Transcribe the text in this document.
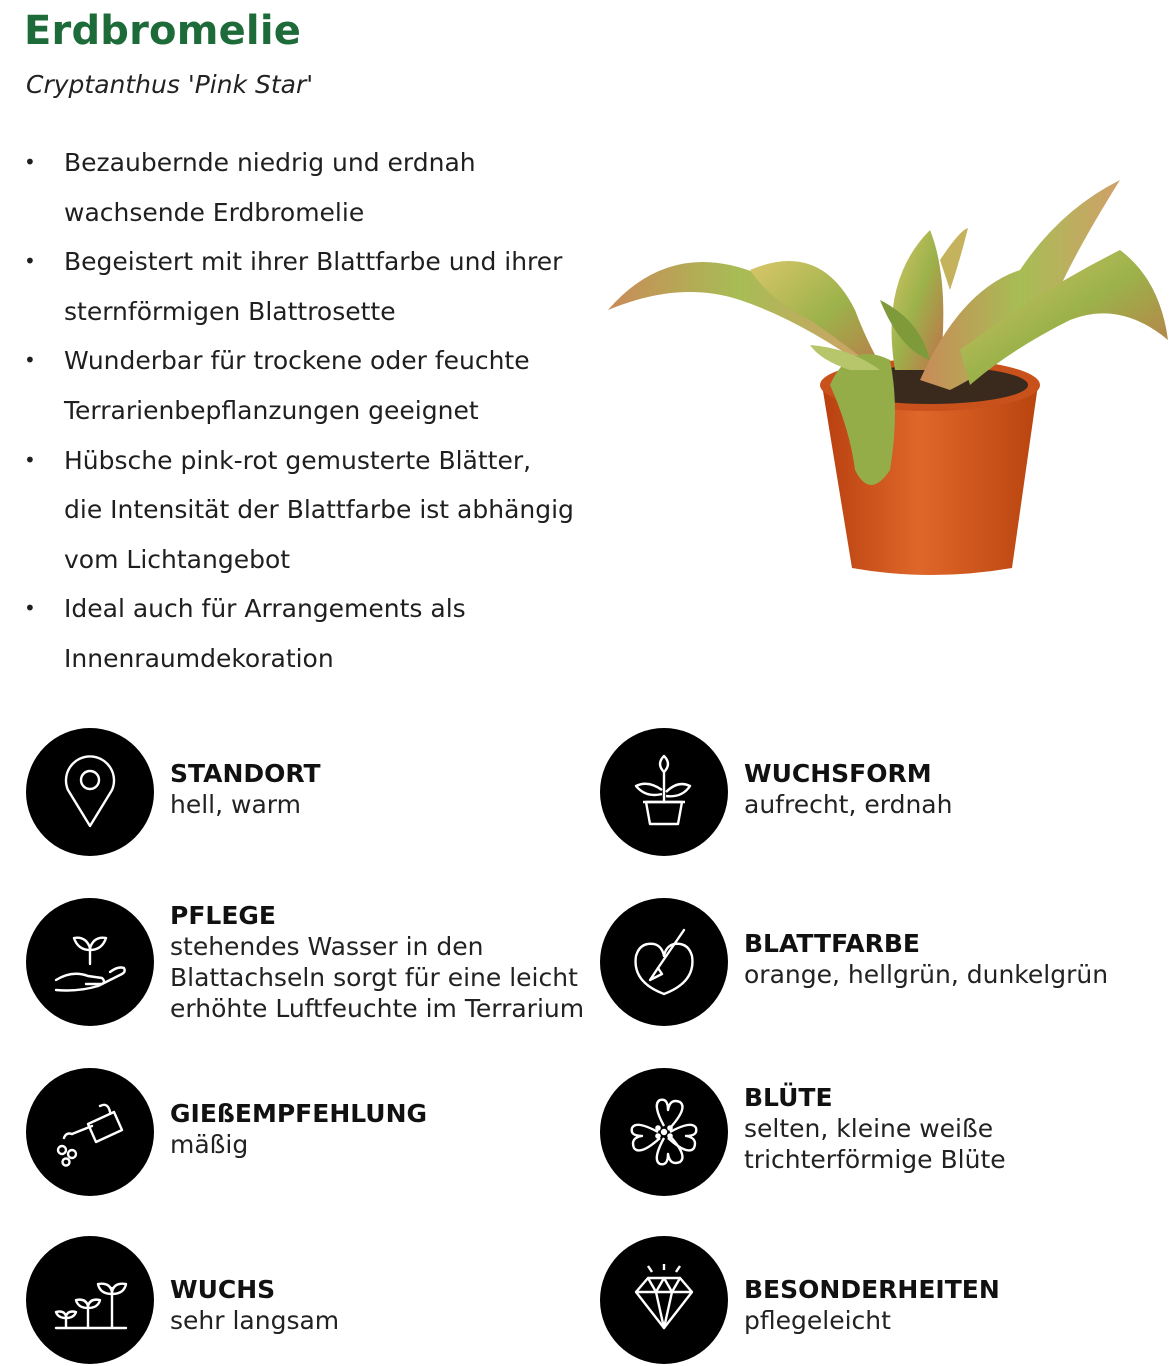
Erdbromelie
Cryptanthus 'Pink Star'
• Bezaubernde niedrig und erdnah
wachsende Erdbromelie
• Begeistert mit ihrer Blattfarbe und ihrer
sternförmigen Blattrosette
• Wunderbar für trockene oder feuchte
Terrarienbepflanzungen geeignet
• Hübsche pink-rot gemusterte Blätter,
die Intensität der Blattfarbe ist abhängig
vom Lichtangebot
• Ideal auch für Arrangements als
Innenraumdekoration
STANDORT
hell, warm
WUCHSFORM
aufrecht, erdnah
PFLEGE
stehendes Wasser in den
Blattachseln sorgt für eine leicht
erhöhte Luftfeuchte im Terrarium
BLATTFARBE
orange, hellgrün, dunkelgrün
GIEßEMPFEHLUNG
mäßig
BLÜTE
selten, kleine weiße
trichterförmige Blüte
WUCHS
sehr langsam
BESONDERHEITEN
pflegeleicht
